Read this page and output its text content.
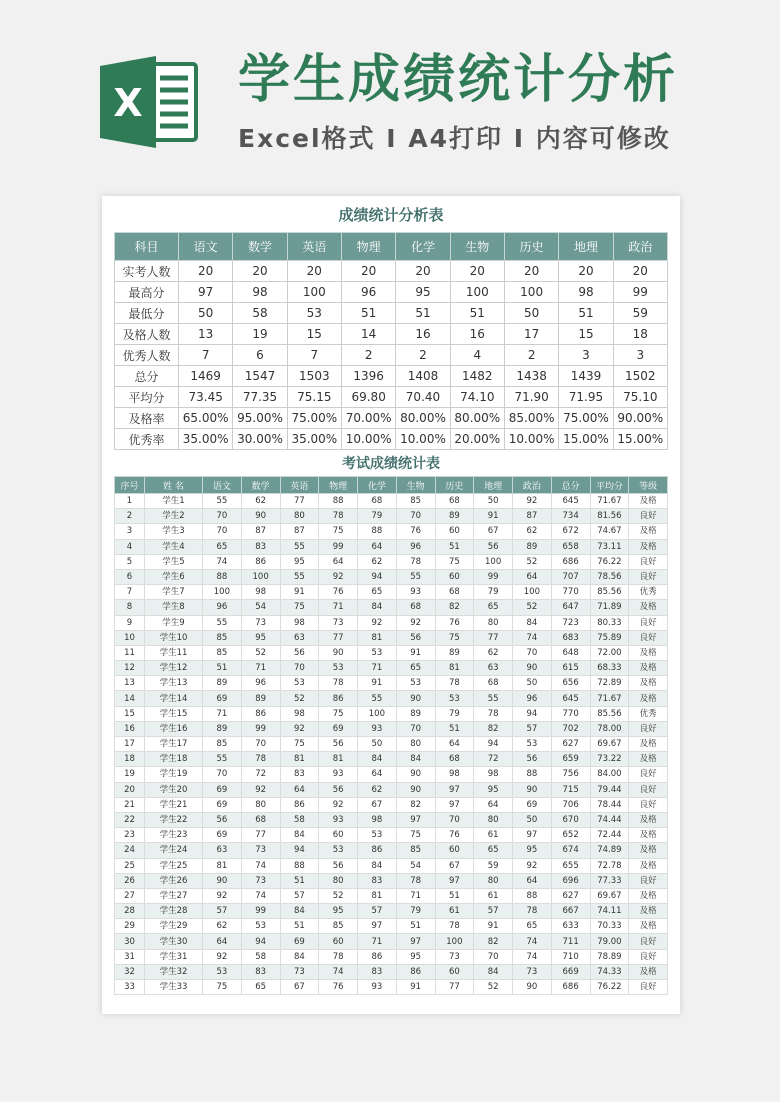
X 学生成绩统计分析
Excel格式 I A4打印 I 内容可修改
成绩统计分析表
科目	语文	数学	英语	物理	化学	生物	历史	地理	政治
实考人数	20	20	20	20	20	20	20	20	20
最高分	97	98	100	96	95	100	100	98	99
最低分	50	58	53	51	51	51	50	51	59
及格人数	13	19	15	14	16	16	17	15	18
优秀人数	7	6	7	2	2	4	2	3	3
总分	1469	1547	1503	1396	1408	1482	1438	1439	1502
平均分	73.45	77.35	75.15	69.80	70.40	74.10	71.90	71.95	75.10
及格率	65.00%	95.00%	75.00%	70.00%	80.00%	80.00%	85.00%	75.00%	90.00%
优秀率	35.00%	30.00%	35.00%	10.00%	10.00%	20.00%	10.00%	15.00%	15.00%
考试成绩统计表
序号	姓 名	语文	数学	英语	物理	化学	生物	历史	地理	政治	总分	平均分	等级
1	学生1	55	62	77	88	68	85	68	50	92	645	71.67	及格
2	学生2	70	90	80	78	79	70	89	91	87	734	81.56	良好
3	学生3	70	87	87	75	88	76	60	67	62	672	74.67	及格
4	学生4	65	83	55	99	64	96	51	56	89	658	73.11	及格
5	学生5	74	86	95	64	62	78	75	100	52	686	76.22	良好
6	学生6	88	100	55	92	94	55	60	99	64	707	78.56	良好
7	学生7	100	98	91	76	65	93	68	79	100	770	85.56	优秀
8	学生8	96	54	75	71	84	68	82	65	52	647	71.89	及格
9	学生9	55	73	98	73	92	92	76	80	84	723	80.33	良好
10	学生10	85	95	63	77	81	56	75	77	74	683	75.89	良好
11	学生11	85	52	56	90	53	91	89	62	70	648	72.00	及格
12	学生12	51	71	70	53	71	65	81	63	90	615	68.33	及格
13	学生13	89	96	53	78	91	53	78	68	50	656	72.89	及格
14	学生14	69	89	52	86	55	90	53	55	96	645	71.67	及格
15	学生15	71	86	98	75	100	89	79	78	94	770	85.56	优秀
16	学生16	89	99	92	69	93	70	51	82	57	702	78.00	良好
17	学生17	85	70	75	56	50	80	64	94	53	627	69.67	及格
18	学生18	55	78	81	81	84	84	68	72	56	659	73.22	及格
19	学生19	70	72	83	93	64	90	98	98	88	756	84.00	良好
20	学生20	69	92	64	56	62	90	97	95	90	715	79.44	良好
21	学生21	69	80	86	92	67	82	97	64	69	706	78.44	良好
22	学生22	56	68	58	93	98	97	70	80	50	670	74.44	及格
23	学生23	69	77	84	60	53	75	76	61	97	652	72.44	及格
24	学生24	63	73	94	53	86	85	60	65	95	674	74.89	及格
25	学生25	81	74	88	56	84	54	67	59	92	655	72.78	及格
26	学生26	90	73	51	80	83	78	97	80	64	696	77.33	良好
27	学生27	92	74	57	52	81	71	51	61	88	627	69.67	及格
28	学生28	57	99	84	95	57	79	61	57	78	667	74.11	及格
29	学生29	62	53	51	85	97	51	78	91	65	633	70.33	及格
30	学生30	64	94	69	60	71	97	100	82	74	711	79.00	良好
31	学生31	92	58	84	78	86	95	73	70	74	710	78.89	良好
32	学生32	53	83	73	74	83	86	60	84	73	669	74.33	及格
33	学生33	75	65	67	76	93	91	77	52	90	686	76.22	良好
